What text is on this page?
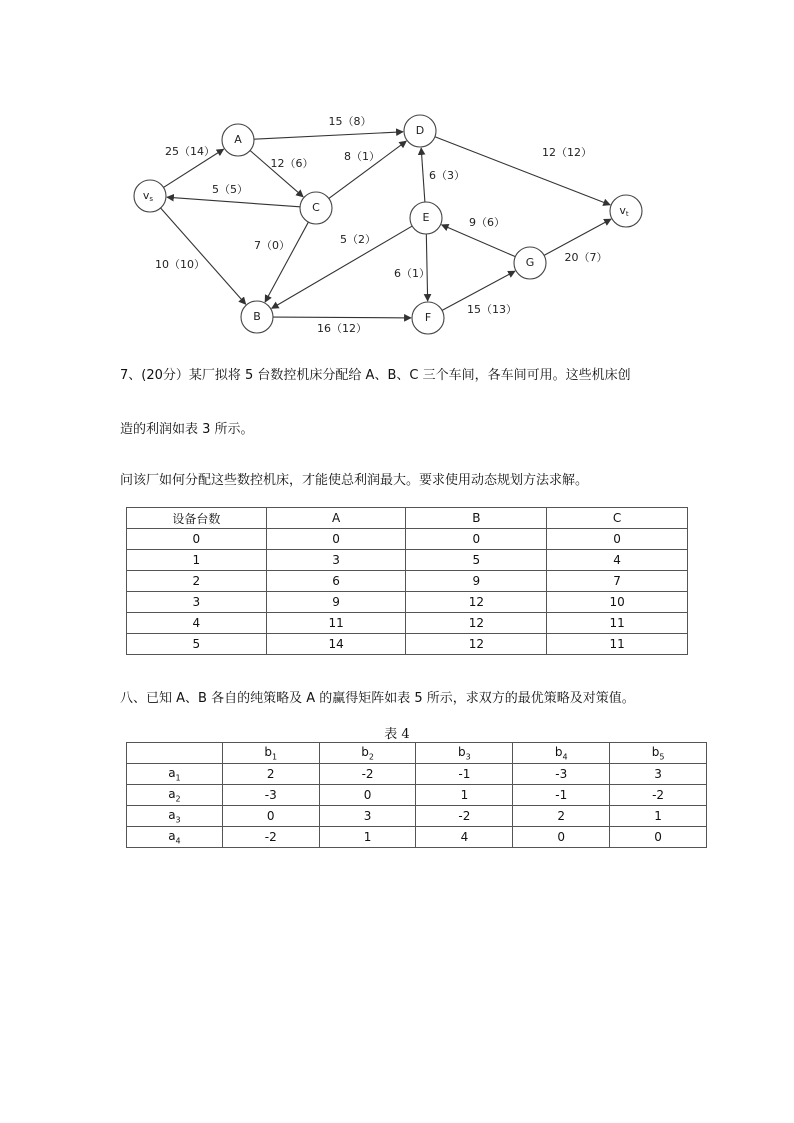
25（14）
15（8）
12（6）
8（1）
5（5）
12（12）
6（3）
9（6）
10（10）
7（0）	5（2）
6（1）
20（7）
15（13）
16（12）
$v_s$
A
C
D
E
$v_t$
G
B	F
7、(20分）某厂拟将 5 台数控机床分配给 A、B、C 三个车间，各车间可用。这些机床创
造的利润如表 3 所示。
问该厂如何分配这些数控机床，才能使总利润最大。要求使用动态规划方法求解。
设备台数	A	B	C
0	0	0	0
1	3	5	4
2	6	9	7
3	9	12	10
4	11	12	11
5	14	12	11
八、已知 A、B 各自的纯策略及 A 的赢得矩阵如表 5 所示，求双方的最优策略及对策值。
表 4
	$b_1$	$b_2$	$b_3$	$b_4$	$b_5$
$a_1$	2	-2	-1	-3	3
$a_2$	-3	0	1	-1	-2
$a_3$	0	3	-2	2	1
$a_4$	-2	1	4	0	0
